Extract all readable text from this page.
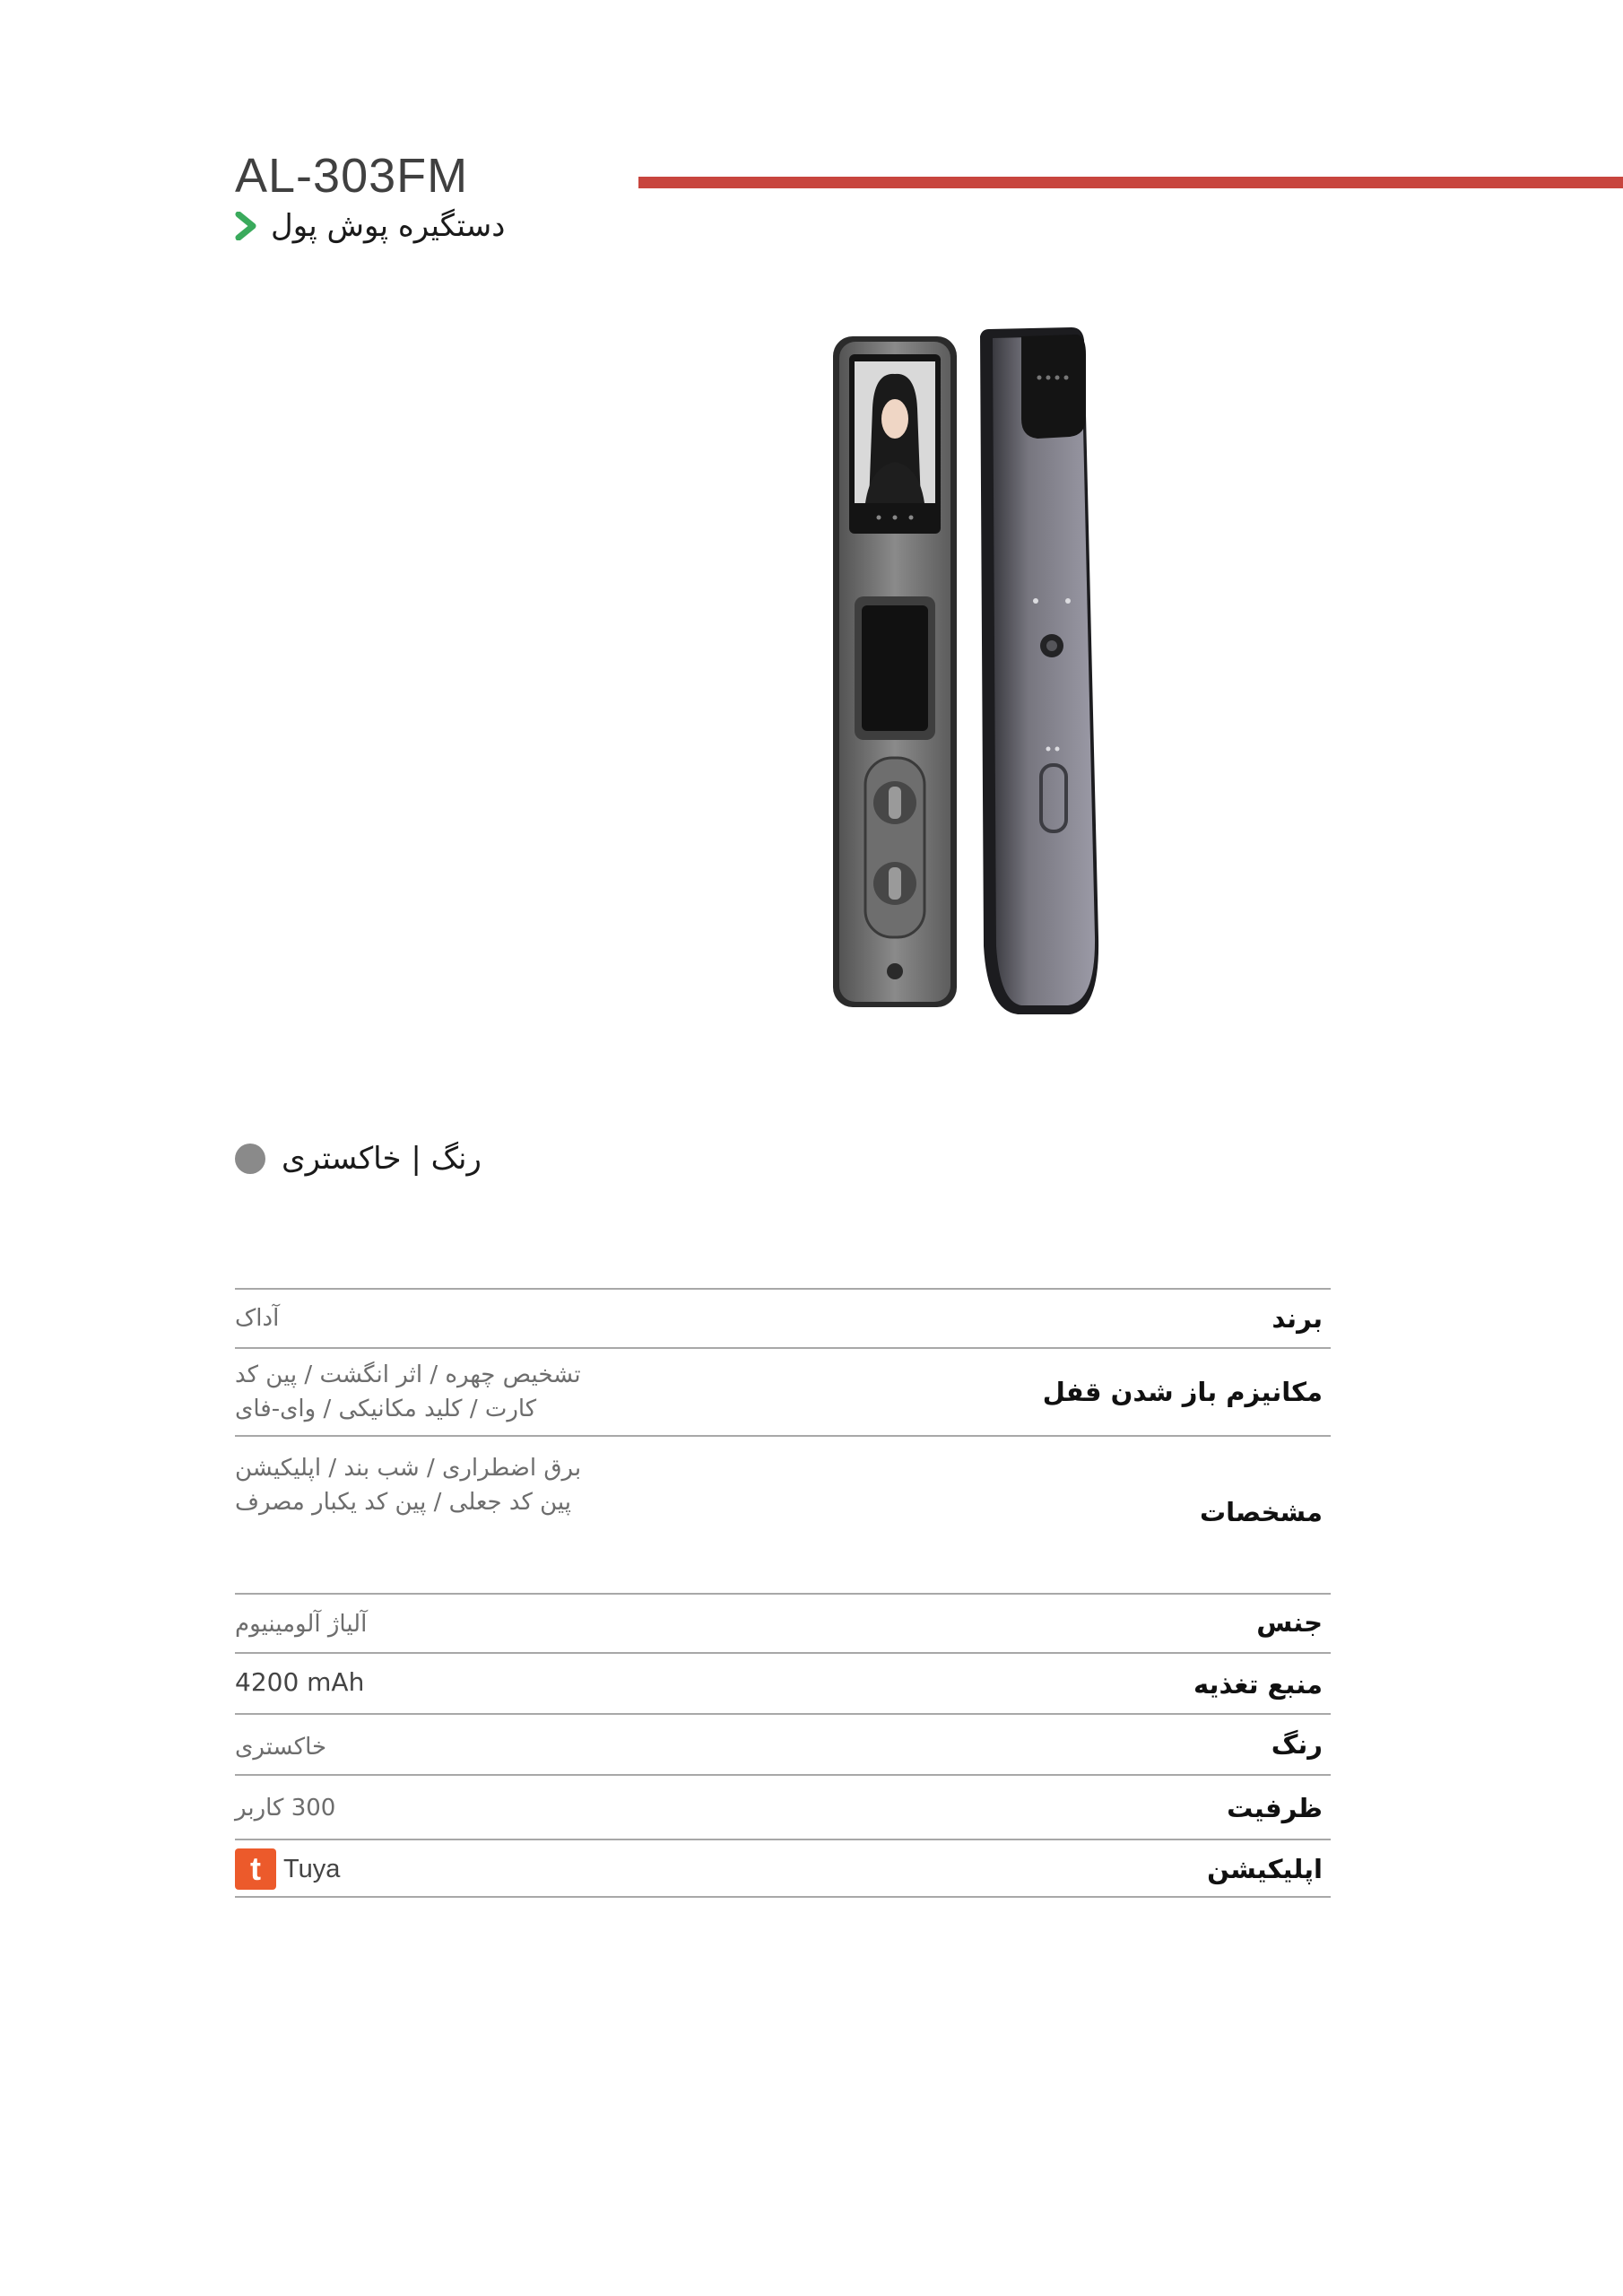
AL-303FM
دستگیره پوش پول
رنگ | خاکستری
برند
آداک
مکانیزم باز شدن قفل
تشخیص چهره / اثر انگشت / پین کد
کارت / کلید مکانیکی / وای-فای
مشخصات
برق اضطراری / شب بند / اپلیکیشن
پین کد جعلی / پین کد یکبار مصرف
جنس
آلیاژ آلومینیوم
منبع تغذیه
4200 mAh
رنگ
خاکستری
ظرفیت
300 کاربر
اپلیکیشن
t Tuya
